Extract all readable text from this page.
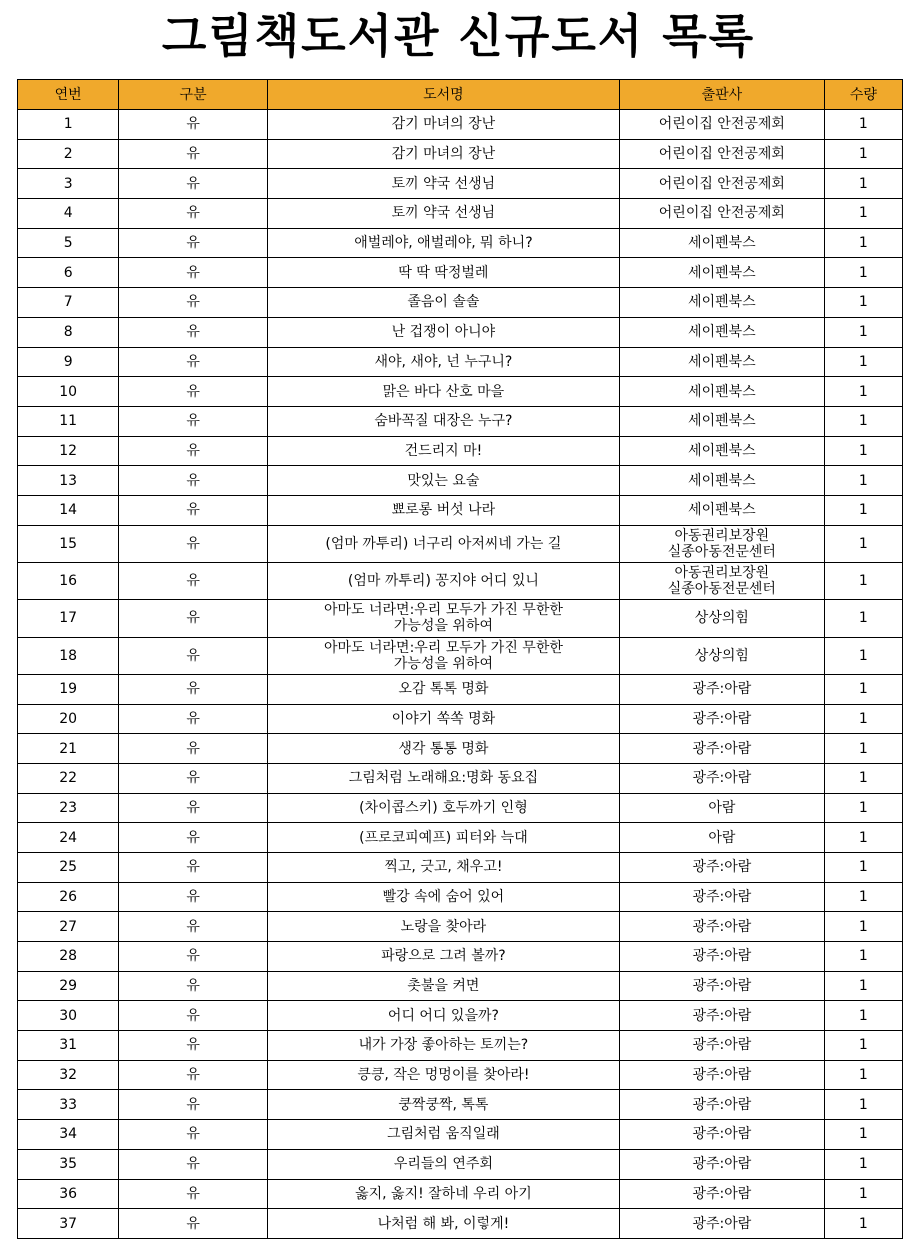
그림책도서관 신규도서 목록
연번	구분	도서명	출판사	수량
1	유	감기 마녀의 장난	어린이집 안전공제회	1
2	유	감기 마녀의 장난	어린이집 안전공제회	1
3	유	토끼 약국 선생님	어린이집 안전공제회	1
4	유	토끼 약국 선생님	어린이집 안전공제회	1
5	유	애벌레야, 애벌레야, 뭐 하니?	세이펜북스	1
6	유	딱 딱 딱정벌레	세이펜북스	1
7	유	졸음이 솔솔	세이펜북스	1
8	유	난 겁쟁이 아니야	세이펜북스	1
9	유	새야, 새야, 넌 누구니?	세이펜북스	1
10	유	맑은 바다 산호 마을	세이펜북스	1
11	유	숨바꼭질 대장은 누구?	세이펜북스	1
12	유	건드리지 마!	세이펜북스	1
13	유	맛있는 요술	세이펜북스	1
14	유	뾰로롱 버섯 나라	세이펜북스	1
15	유	(엄마 까투리) 너구리 아저씨네 가는 길	아동권리보장원
실종아동전문센터	1
16	유	(엄마 까투리) 꽁지야 어디 있니	아동권리보장원
실종아동전문센터	1
17	유	아마도 너라면:우리 모두가 가진 무한한
가능성을 위하여	상상의힘	1
18	유	아마도 너라면:우리 모두가 가진 무한한
가능성을 위하여	상상의힘	1
19	유	오감 톡톡 명화	광주:아람	1
20	유	이야기 쏙쏙 명화	광주:아람	1
21	유	생각 통통 명화	광주:아람	1
22	유	그림처럼 노래해요:명화 동요집	광주:아람	1
23	유	(차이콥스키) 호두까기 인형	아람	1
24	유	(프로코피예프) 피터와 늑대	아람	1
25	유	찍고, 긋고, 채우고!	광주:아람	1
26	유	빨강 속에 숨어 있어	광주:아람	1
27	유	노랑을 찾아라	광주:아람	1
28	유	파랑으로 그려 볼까?	광주:아람	1
29	유	촛불을 켜면	광주:아람	1
30	유	어디 어디 있을까?	광주:아람	1
31	유	내가 가장 좋아하는 토끼는?	광주:아람	1
32	유	킁킁, 작은 멍멍이를 찾아라!	광주:아람	1
33	유	쿵짝쿵짝, 톡톡	광주:아람	1
34	유	그림처럼 움직일래	광주:아람	1
35	유	우리들의 연주회	광주:아람	1
36	유	옳지, 옳지! 잘하네 우리 아기	광주:아람	1
37	유	나처럼 해 봐, 이렇게!	광주:아람	1
